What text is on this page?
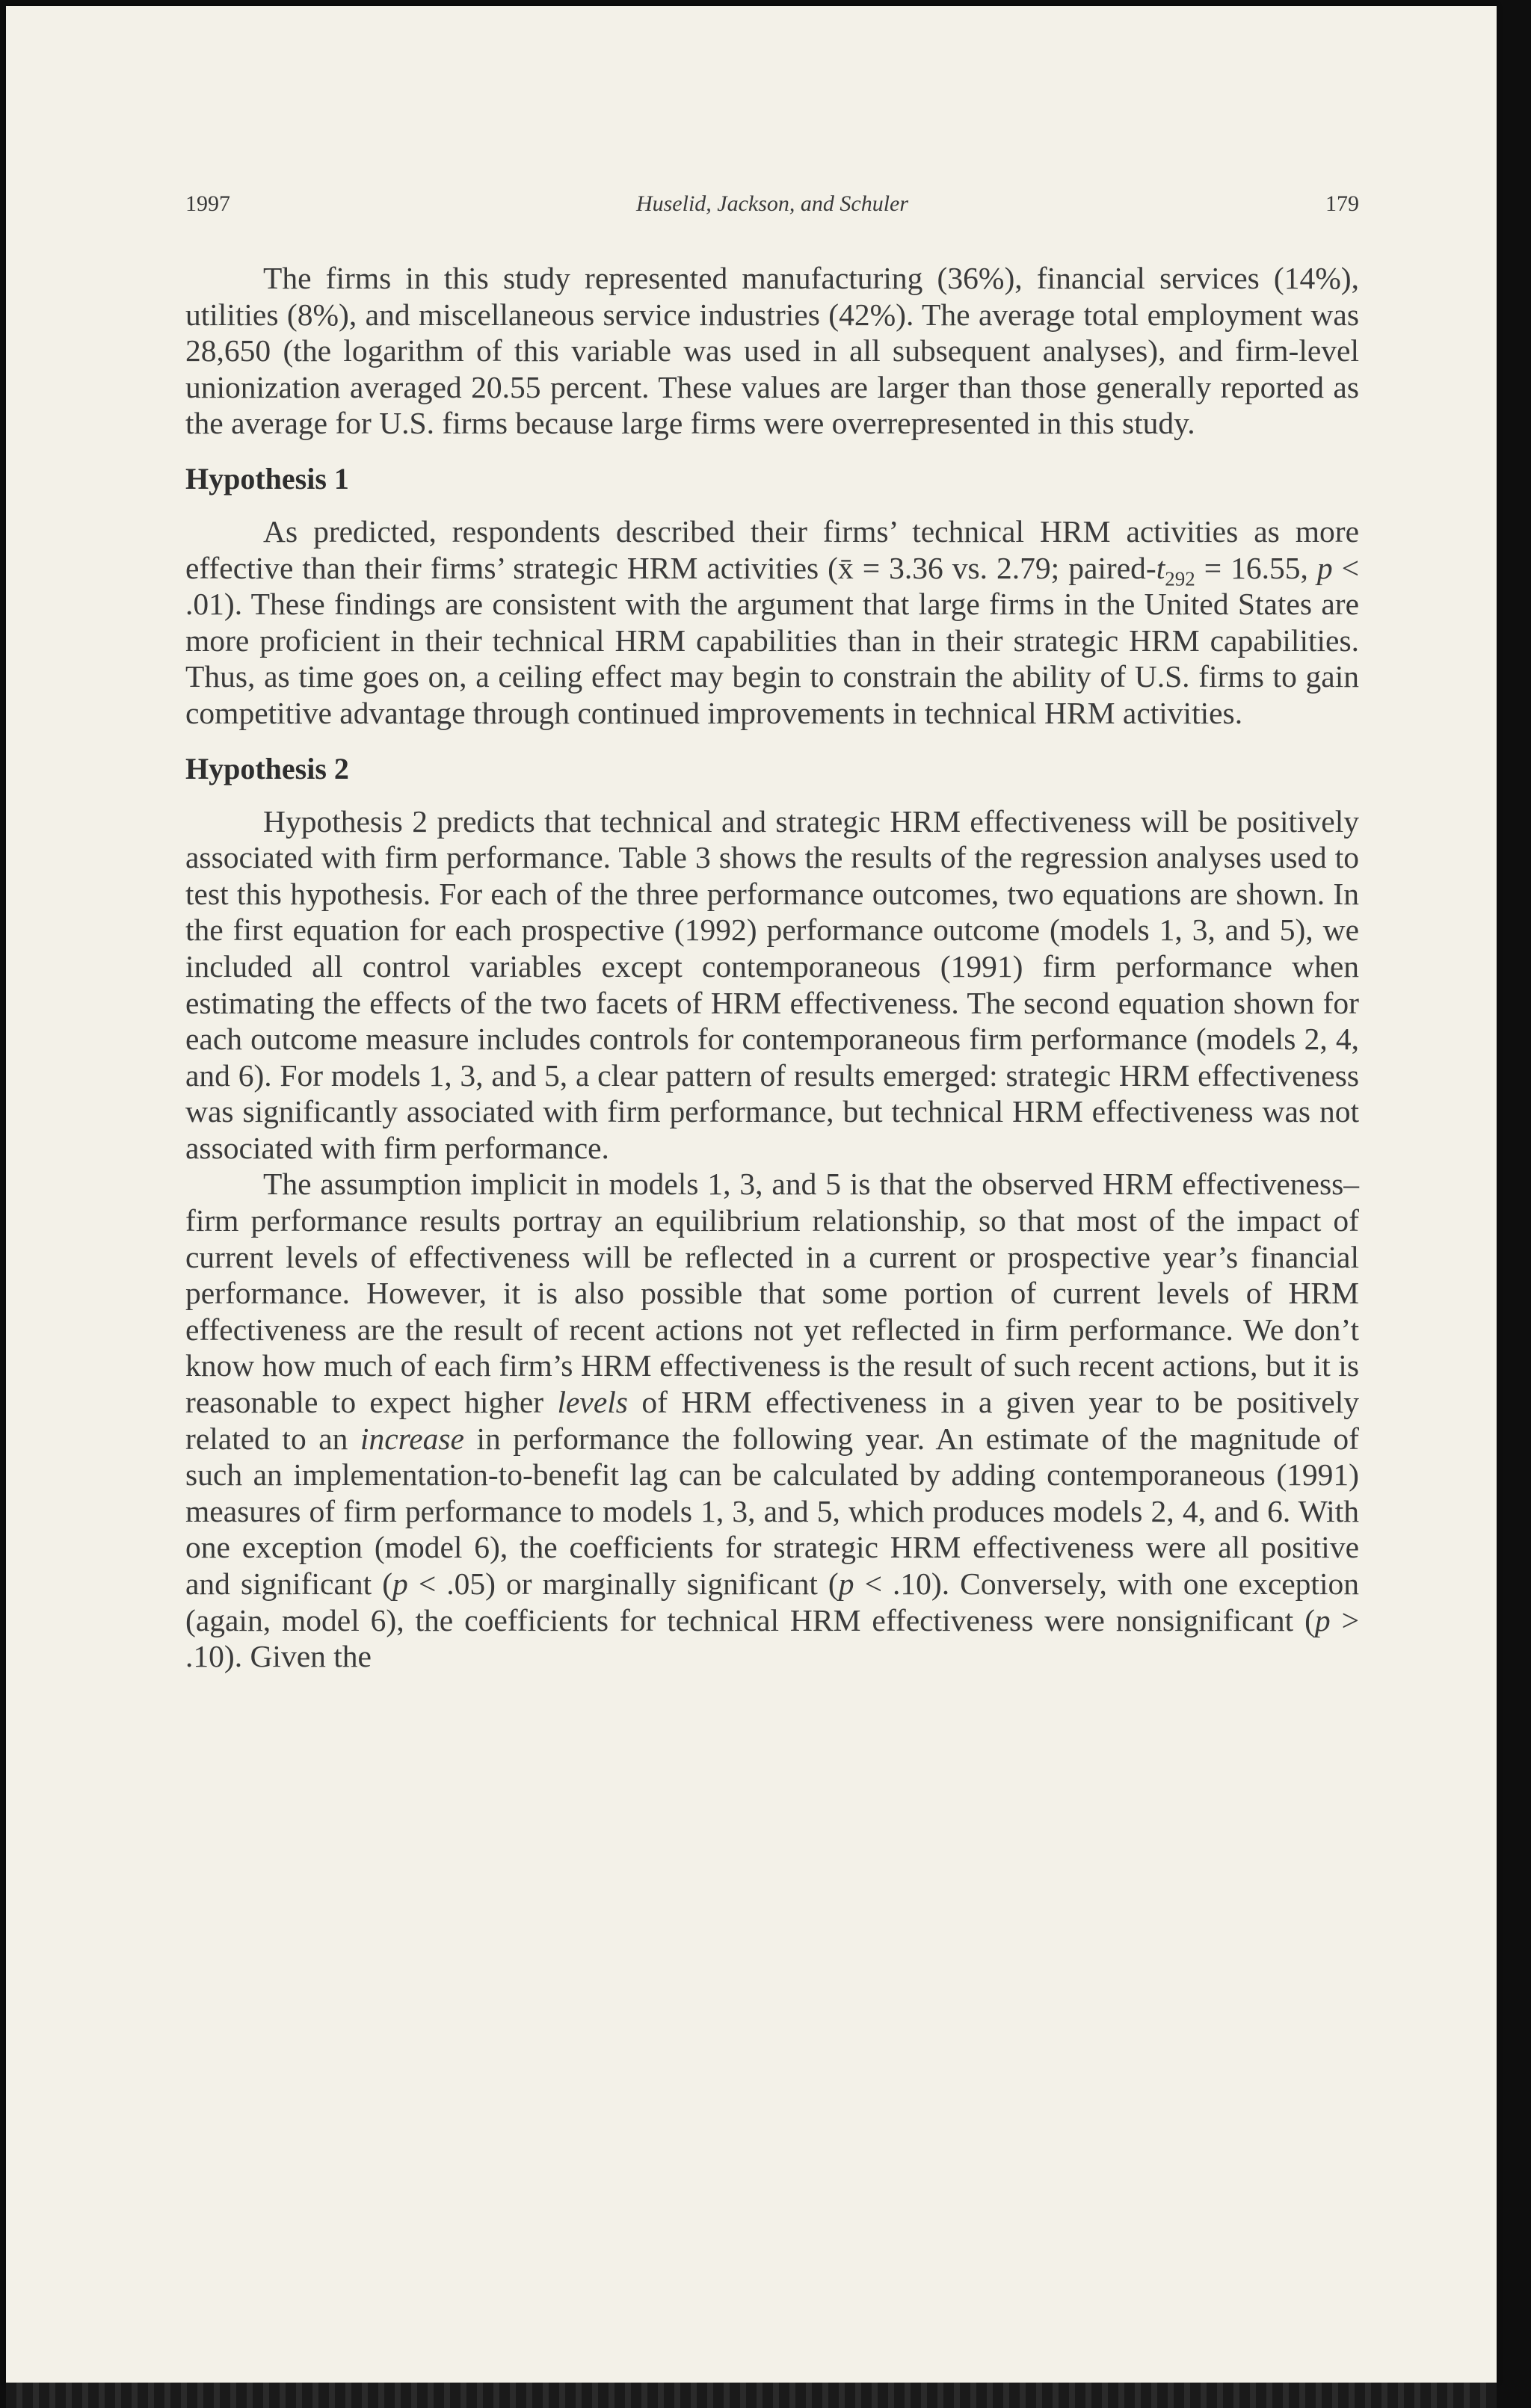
1997	Huselid, Jackson, and Schuler	179

The firms in this study represented manufacturing (36%), financial services (14%), utilities (8%), and miscellaneous service industries (42%). The average total employment was 28,650 (the logarithm of this variable was used in all subsequent analyses), and firm-level unionization averaged 20.55 percent. These values are larger than those generally reported as the average for U.S. firms because large firms were overrepresented in this study.

Hypothesis 1

As predicted, respondents described their firms’ technical HRM activities as more effective than their firms’ strategic HRM activities (x̄ = 3.36 vs. 2.79; paired-$t_{292} = 16.55$, p < .01). These findings are consistent with the argument that large firms in the United States are more proficient in their technical HRM capabilities than in their strategic HRM capabilities. Thus, as time goes on, a ceiling effect may begin to constrain the ability of U.S. firms to gain competitive advantage through continued improvements in technical HRM activities.

Hypothesis 2

Hypothesis 2 predicts that technical and strategic HRM effectiveness will be positively associated with firm performance. Table 3 shows the results of the regression analyses used to test this hypothesis. For each of the three performance outcomes, two equations are shown. In the first equation for each prospective (1992) performance outcome (models 1, 3, and 5), we included all control variables except contemporaneous (1991) firm performance when estimating the effects of the two facets of HRM effectiveness. The second equation shown for each outcome measure includes controls for contemporaneous firm performance (models 2, 4, and 6). For models 1, 3, and 5, a clear pattern of results emerged: strategic HRM effectiveness was significantly associated with firm performance, but technical HRM effectiveness was not associated with firm performance.

The assumption implicit in models 1, 3, and 5 is that the observed HRM effectiveness–firm performance results portray an equilibrium relationship, so that most of the impact of current levels of effectiveness will be reflected in a current or prospective year’s financial performance. However, it is also possible that some portion of current levels of HRM effectiveness are the result of recent actions not yet reflected in firm performance. We don’t know how much of each firm’s HRM effectiveness is the result of such recent actions, but it is reasonable to expect higher levels of HRM effectiveness in a given year to be positively related to an increase in performance the following year. An estimate of the magnitude of such an implementation-to-benefit lag can be calculated by adding contemporaneous (1991) measures of firm performance to models 1, 3, and 5, which produces models 2, 4, and 6. With one exception (model 6), the coefficients for strategic HRM effectiveness were all positive and significant (p < .05) or marginally significant (p < .10). Conversely, with one exception (again, model 6), the coefficients for technical HRM effectiveness were nonsignificant (p > .10). Given the
